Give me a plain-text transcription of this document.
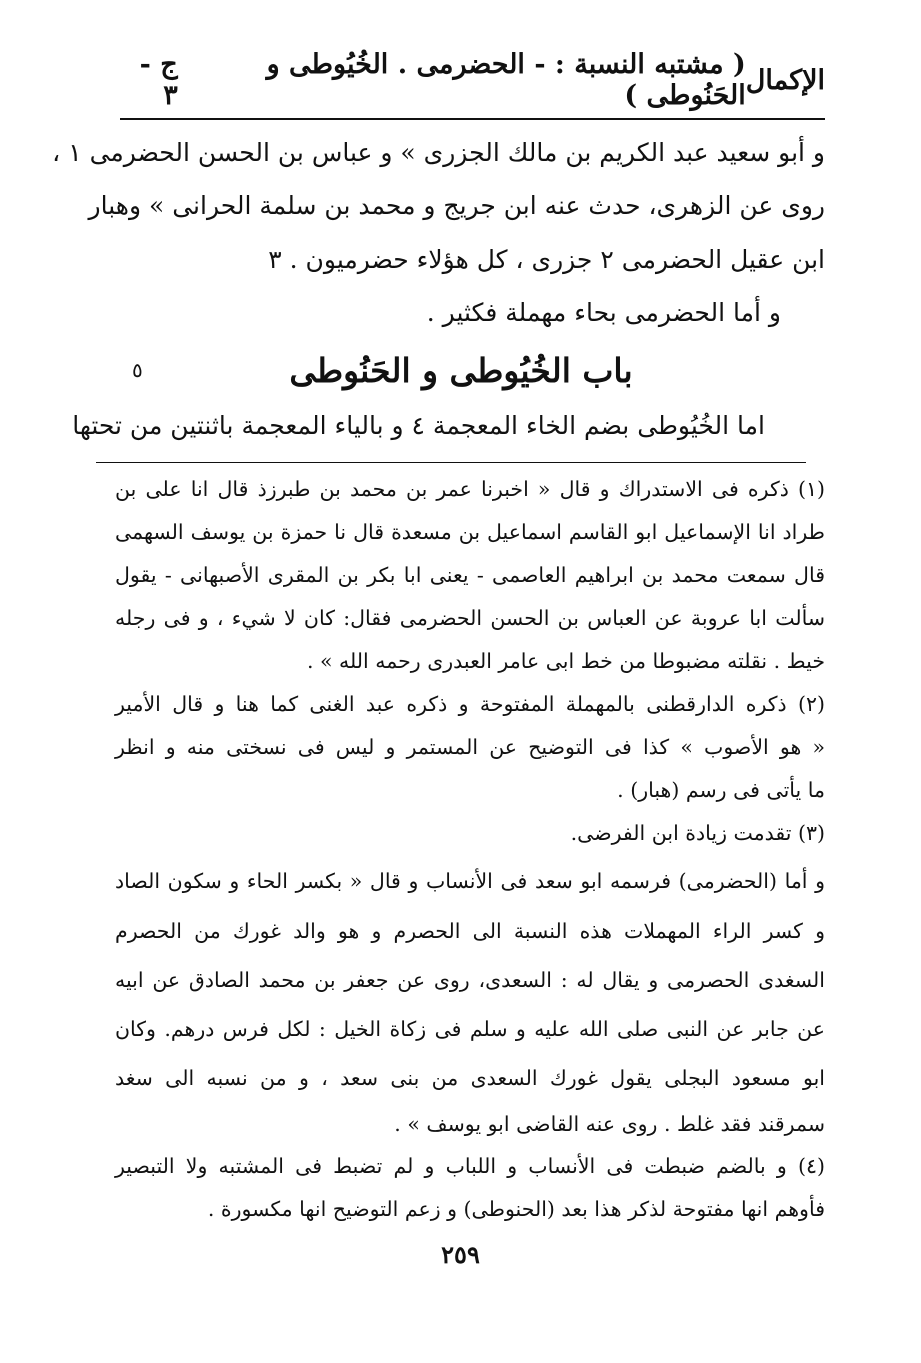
الإكمال
( مشتبه النسبة : - الحضرمى . الخُيُوطى و الحَنُوطى )
ج - ٣
و أبو سعيد عبد الكريم بن مالك الجزرى » و عباس بن الحسن الحضرمى ١ ،
روى عن الزهرى، حدث عنه ابن جريج و محمد بن سلمة الحرانى » وهبار
ابن عقيل الحضرمى ٢ جزرى ، كل هؤلاء حضرميون . ٣
و أما الحضرمى بحاء مهملة فكثير .
باب الخُيُوطى و الحَنُوطى
٥
اما الخُيُوطى بضم الخاء المعجمة ٤ و بالياء المعجمة باثنتين من تحتها
(١) ذكره فى الاستدراك و قال « اخبرنا عمر بن محمد بن طبرزذ قال انا على بن
طراد انا الإسماعيل ابو القاسم اسماعيل بن مسعدة قال نا حمزة بن يوسف السهمى
قال سمعت محمد بن ابراهيم العاصمى - يعنى ابا بكر بن المقرى الأصبهانى - يقول
سألت ابا عروبة عن العباس بن الحسن الحضرمى فقال: كان لا شيء ، و فى رجله
خيط . نقلته مضبوطا من خط ابى عامر العبدرى رحمه الله » .
(٢) ذكره الدارقطنى بالمهملة المفتوحة و ذكره عبد الغنى كما هنا و قال الأمير
« هو الأصوب » كذا فى التوضيح عن المستمر و ليس فى نسختى منه و انظر
ما يأتى فى رسم (هبار) .
(٣) تقدمت زيادة ابن الفرضى.
و أما (الحضرمى) فرسمه ابو سعد فى الأنساب و قال « بكسر الحاء و سكون الصاد
و كسر الراء المهملات هذه النسبة الى الحصرم و هو والد غورك من الحصرم
السغدى الحصرمى و يقال له : السعدى، روى عن جعفر بن محمد الصادق عن ابيه
عن جابر عن النبى صلى الله عليه و سلم فى زكاة الخيل : لكل فرس درهم. وكان
ابو مسعود البجلى يقول غورك السعدى من بنى سعد ، و من نسبه الى سغد
سمرقند فقد غلط . روى عنه القاضى ابو يوسف » .
(٤) و بالضم ضبطت فى الأنساب و اللباب و لم تضبط فى المشتبه ولا التبصير
فأوهم انها مفتوحة لذكر هذا بعد (الحنوطى) و زعم التوضيح انها مكسورة .
٢٥٩
